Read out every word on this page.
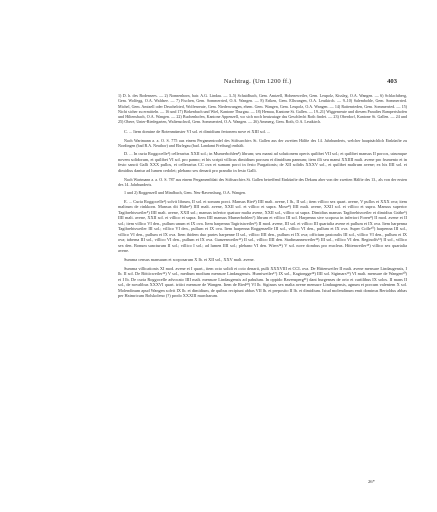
Nachtrag. (Um 1200 ff.)	403

1) D. h. des Bodensees. — 2) Nonnenhorn, bair. A.G. Lindau. — 3–5) Schaidbuch, Gem. Amtzell, Hoheneweiler, Gem. Leupolz, Kissleg, O.A. Wangen. — 6) Schlachtberg, Gem. Wolfegg, O.A. Waldsee. — 7) Fischen, Gem. Sommerried, O.A. Wangen. — 8) Eriken, Gem. Ellwangen, O.A. Leutkirch. — 9–10) Salembohle, Gem. Sommerried. Michel, Gem. Amtzell oder Deuchelried, Wolfenreute, Gem. Niederwangen, ehem. Gem. Wangen, Gem. Leupolz, O.A. Wangen. — 14) Rattenrieden, Gem. Sommerried. — 15) Nicht sicher zu ermitteln. — 16 und 17) Birkenbach und Wiel, Kantone Thurgau. — 18) Hemau, Kantone St. Gallen. — 19–21) Wiggenreute und diesem Paradies Rampertshofen und Hiltensbach, O.A. Wangen. — 22) Buchenhofen, Kantone Appenzell, wo sich noch heutzutage das Geschlecht Roth findet. — 23) Oberdorf, Kantone St. Gallen. — 24 und 25) Obere, Unter-Riedegarten, Waltenschwil, Gem. Sommerried, O.A. Wangen. — 26) Ammerg, Gem. Roth, O.A. Leutkirch.

C. ... Item domine de Rotenmünster VI sol. et dimidium fertonem nove et XIII sol. ...

Nach Wartmann a. a. O. S. 775 aus einem Pergamentrodel des Stiftsarchivs St. Gallen aus der zweiten Hälfte des 14. Jahrhunderts, welcher hauptsächlich Einkünfte zu Nordingen (bad B.A. Neuthor) und Ehrlegau (bad. Landamt Freiburg) enthält.

D. ... In curia Roggocelle¹) cellerarius XXII sol.; in Mumerbohlen²) librum; seu mansi ad solutionem operis quilibet VII sol.; et quilibet mansus II porcos, utrumque novem solidorum, et quilibet VI sol. pro panno; et his scripti villicus dimidium porcum et dimidium pannum; item illi seu mansi XXIIII malt. avene pro frumento et in festo sancti Galli XXX pullos, et cellerarius CC ova et sumam porci in festo Purgationis; de XII solidis XXXV sol., et quilibet maltrum avene; ex his IIII sol. et dimidius dantur ad lumen cedolet; plebano sex denarii pro prandio in festo Galli.

Nach Wartmann a. a. O. S. 787 aus einem Pergamentblatt des Stiftsarchivs St. Gallen betreffend Einkünfte des Dekans aber von der zweiten Hälfte des 13., als von der ersten des 14. Jahrhunderts.

1 und 2) Roggenzell und Mindbuch, Gem. Neu-Ravensburg, O.A. Wangen.

E. ... Curia Roggocelle¹) solvit librum, II sol. et somam porci. Mansus Riet²) IIII malt. avene, I lb., II sol.; item villico sex quart. avene, V pullos et XXX ova; item maltrum de rinkkorn. Mansus dit Hübe³) IIII malt. avene, XXII sol. et villico et supra. Mose⁴) IIII malt. avene, XXII sol. et villico et supra. Mansus superior Tagibrehtsweiler⁵) IIII malt. avene, XXII sol.; mansus inferior quatuor malta avene, XXII sol., villico ut supra. Dimidius mansus Tagibrehtsweiler et dimidius Gräbe⁶) IIII malt. avene, XXII sol. et villico et supra. Item IIII mansus Mumerbohlen⁷) librum et villico III sol. Harpenna sive scoposa in inferiori Foren⁸) II mod. avene et II sol.; item villico VI den., pullum unum et IX ova. Item harpenna Tagiristweiler⁹) II mod. avene, III sol. et villico III quartalia avene et pullum et IX ova. Item harpenna Tagibrehtsweiler III sol.; villico VI den., pullum et IX ova. Item harpenna Roggenzelle III sol., villico VI den., pullum et IX ova. Super Colle¹⁰) harpenna III sol., villico VI den., pullum et IX ova. Item ibidem duo partes harpenne II sol., villico IIII den., pullum et IX ova; officium pastoralis III sol., villico VI den., pullum et IX ova; taberna III sol., villico VI den., pullum et IX ova. Gunzenweiler¹¹) II sol., villico IIII den. Stadtmanneweiler¹²) III sol., villico VI den. Reginolfs¹³) II sol., villico sex den. Bonum sancturum II sol.; villico I sol.; ad lumen IIII sol.; plebano VI den. Wiers¹⁴) V sol. nove dombus pro eracleas. Hittenweiler¹⁵) villico sex quartalia avene.

Summa census mansuum et scoposarum X lb. et XII sol., XXV malt. avene.

Summa villicationis XI mod. avene et I quart., item octo solidi et octo denarii, pulli XXXVIII et CCL ova. De Hittenweiler II malt. avene mensure Lindaugensis, I lb. II sol. De Bötticweiler¹⁶) V sol., medium modium mensure Lindaugensis. Hurniweiler¹⁷) IX sol., Kagtongge¹⁸) IIII sol. Sigimars¹⁹) VI malt. mensure de Wangen²⁰) et I lb. De curia Roggocelle advocato IIII malt. mensure Lindaugensis ad pabulum. In oppido Ravensperg²¹) dant burgenses de orto et curtilibus IX solos. II mans II sol., de novalibus XXXVI quart. tritici mensure de Wangen. Item de Ried²²) VI lb. Siginars sex malta avene mensure Lindaugensis, agnum et porcum valentem X sol. Molendinum apud Wangen solvit IX lb. et dimidium, de quibus recipiunt abbas VII lb. et preposito II lb. et dimidium. Istud molendinum emit dominus Bertoldus abbas per Haimricum Bolskoleno (?) prodo XXXIII marcharum.

26*
